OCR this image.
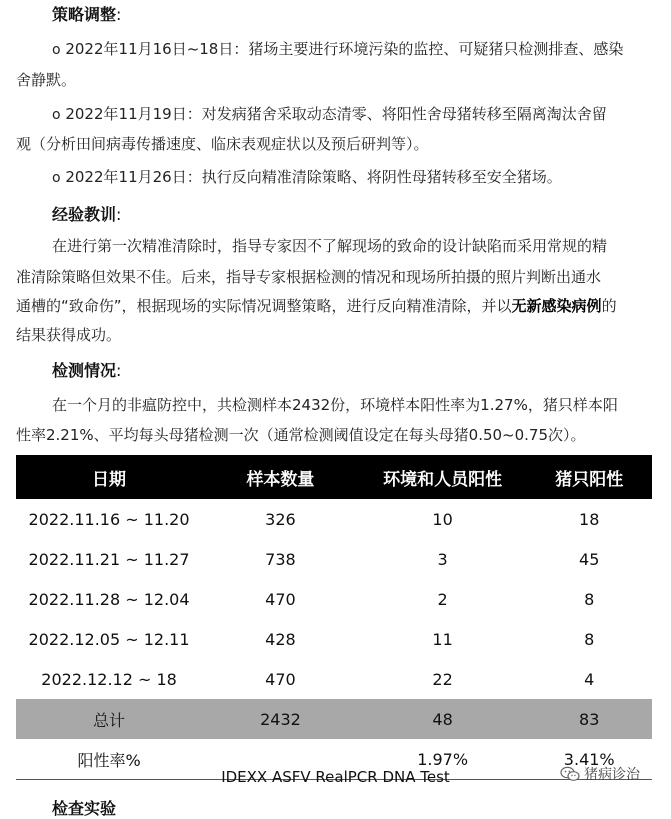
策略调整:
o 2022年11月16日~18日：猪场主要进行环境污染的监控、可疑猪只检测排查、感染
舍静默。
o 2022年11月19日：对发病猪舍采取动态清零、将阳性舍母猪转移至隔离淘汰舍留
观（分析田间病毒传播速度、临床表观症状以及预后研判等）。
o 2022年11月26日：执行反向精准清除策略、将阴性母猪转移至安全猪场。
经验教训:
在进行第一次精准清除时，指导专家因不了解现场的致命的设计缺陷而采用常规的精
准清除策略但效果不佳。后来，指导专家根据检测的情况和现场所拍摄的照片判断出通水
通槽的“致命伤”，根据现场的实际情况调整策略，进行反向精准清除，并以无新感染病例的
结果获得成功。
检测情况:
在一个月的非瘟防控中，共检测样本2432份，环境样本阳性率为1.27%，猪只样本阳
性率2.21%、平均每头母猪检测一次（通常检测阈值设定在每头母猪0.50~0.75次）。
日期	样本数量	环境和人员阳性	猪只阳性
2022.11.16 ~ 11.20	326	10	18
2022.11.21 ~ 11.27	738	3	45
2022.11.28 ~ 12.04	470	2	8
2022.12.05 ~ 12.11	428	11	8
2022.12.12 ~ 18	470	22	4
总计	2432	48	83
阳性率%		1.97%	3.41%
IDEXX ASFV RealPCR DNA Test	猪病诊治
检查实验
